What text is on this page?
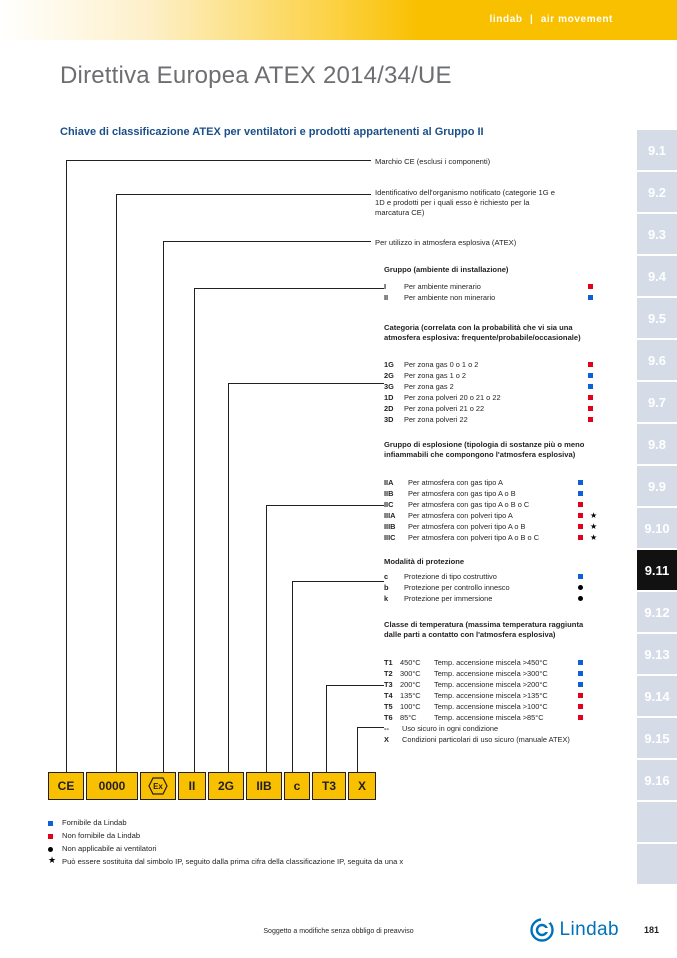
lindab | air movement
9.1
9.2
9.3
9.4
9.5
9.6
9.7
9.8
9.9
9.10
9.11
9.12
9.13
9.14
9.15
9.16
Direttiva Europea ATEX 2014/34/UE
Chiave di classificazione ATEX per ventilatori e prodotti appartenenti al Gruppo II
Marchio CE (esclusi i componenti)
Identificativo dell'organismo notificato (categorie 1G e 1D e prodotti per i quali esso è richiesto per la marcatura CE)
Per utilizzo in atmosfera esplosiva (ATEX)
Gruppo (ambiente di installazione)
I Per ambiente minerario
II Per ambiente non minerario
Categoria (correlata con la probabilità che vi sia una atmosfera esplosiva: frequente/probabile/occasionale)
1G Per zona gas 0 o 1 o 2
2G Per zona gas 1 o 2
3G Per zona gas 2
1D Per zona polveri 20 o 21 o 22
2D Per zona polveri 21 o 22
3D Per zona polveri 22
Gruppo di esplosione (tipologia di sostanze più o meno infiammabili che compongono l'atmosfera esplosiva)
IIA Per atmosfera con gas tipo A
IIB Per atmosfera con gas tipo A o B
IIC Per atmosfera con gas tipo A o B o C
IIIA Per atmosfera con polveri tipo A	★
IIIB Per atmosfera con polveri tipo A o B	★
IIIC Per atmosfera con polveri tipo A o B o C	★
Modalità di protezione
c Protezione di tipo costruttivo
b Protezione per controllo innesco
k Protezione per immersione
Classe di temperatura (massima temperatura raggiunta dalle parti a contatto con l'atmosfera esplosiva)
T1 450°C Temp. accensione miscela >450°C
T2 300°C Temp. accensione miscela >300°C
T3 200°C Temp. accensione miscela >200°C
T4 135°C Temp. accensione miscela >135°C
T5 100°C Temp. accensione miscela >100°C
T6 85°C Temp. accensione miscela >85°C
-- Uso sicuro in ogni condizione
X Condizioni particolari di uso sicuro (manuale ATEX)
CE	0000	Ex	II	2G	IIB	c	T3	X
Fornibile da Lindab
Non fornibile da Lindab
Non applicabile ai ventilatori
★ Può essere sostituita dal simbolo IP, seguito dalla prima cifra della classificazione IP, seguita da una x
Soggetto a modifiche senza obbligo di preavviso	Lindab	181
